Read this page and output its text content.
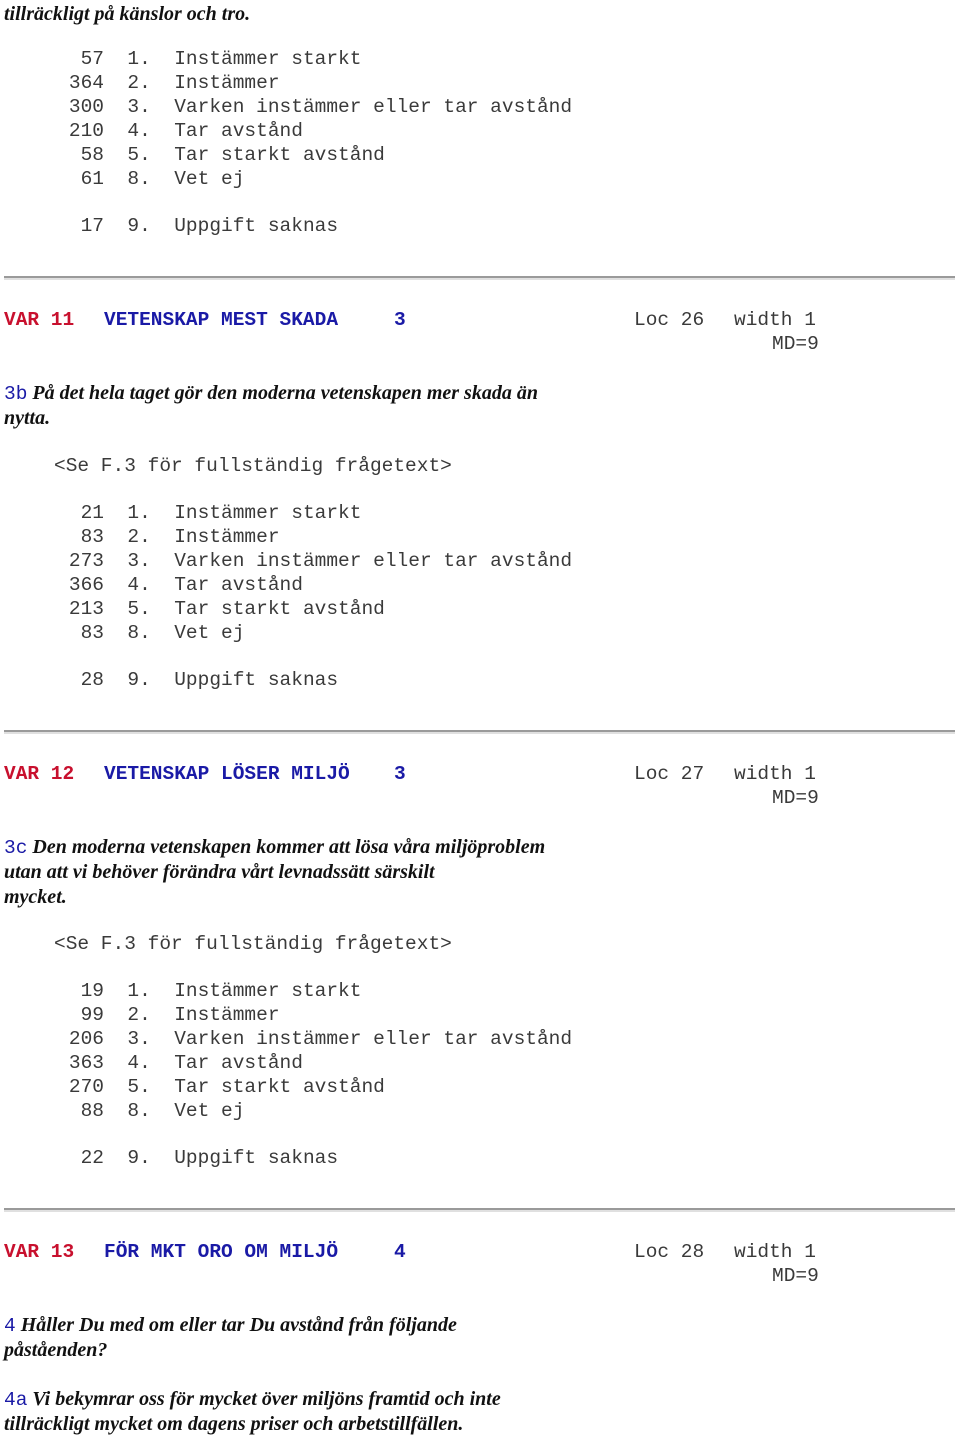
tillräckligt på känslor och tro.
57 1. Instämmer starkt
364 2. Instämmer
300 3. Varken instämmer eller tar avstånd
210 4. Tar avstånd
58 5. Tar starkt avstånd
61 8. Vet ej
17 9. Uppgift saknas
VAR 11 VETENSKAP MEST SKADA	3	Loc 26 width 1
MD=9
3b På det hela taget gör den moderna vetenskapen mer skada än
nytta.
<Se F.3 för fullständig frågetext>
21 1. Instämmer starkt
83 2. Instämmer
273 3. Varken instämmer eller tar avstånd
366 4. Tar avstånd
213 5. Tar starkt avstånd
83 8. Vet ej
28 9. Uppgift saknas
VAR 12 VETENSKAP LÖSER MILJÖ 3	Loc 27 width 1
MD=9
3c Den moderna vetenskapen kommer att lösa våra miljöproblem
utan att vi behöver förändra vårt levnadssätt särskilt
mycket.
<Se F.3 för fullständig frågetext>
19 1. Instämmer starkt
99 2. Instämmer
206 3. Varken instämmer eller tar avstånd
363 4. Tar avstånd
270 5. Tar starkt avstånd
88 8. Vet ej
22 9. Uppgift saknas
VAR 13 FÖR MKT ORO OM MILJÖ	4	Loc 28 width 1
MD=9
4 Håller Du med om eller tar Du avstånd från följande
påståenden?
4a Vi bekymrar oss för mycket över miljöns framtid och inte
tillräckligt mycket om dagens priser och arbetstillfällen.
